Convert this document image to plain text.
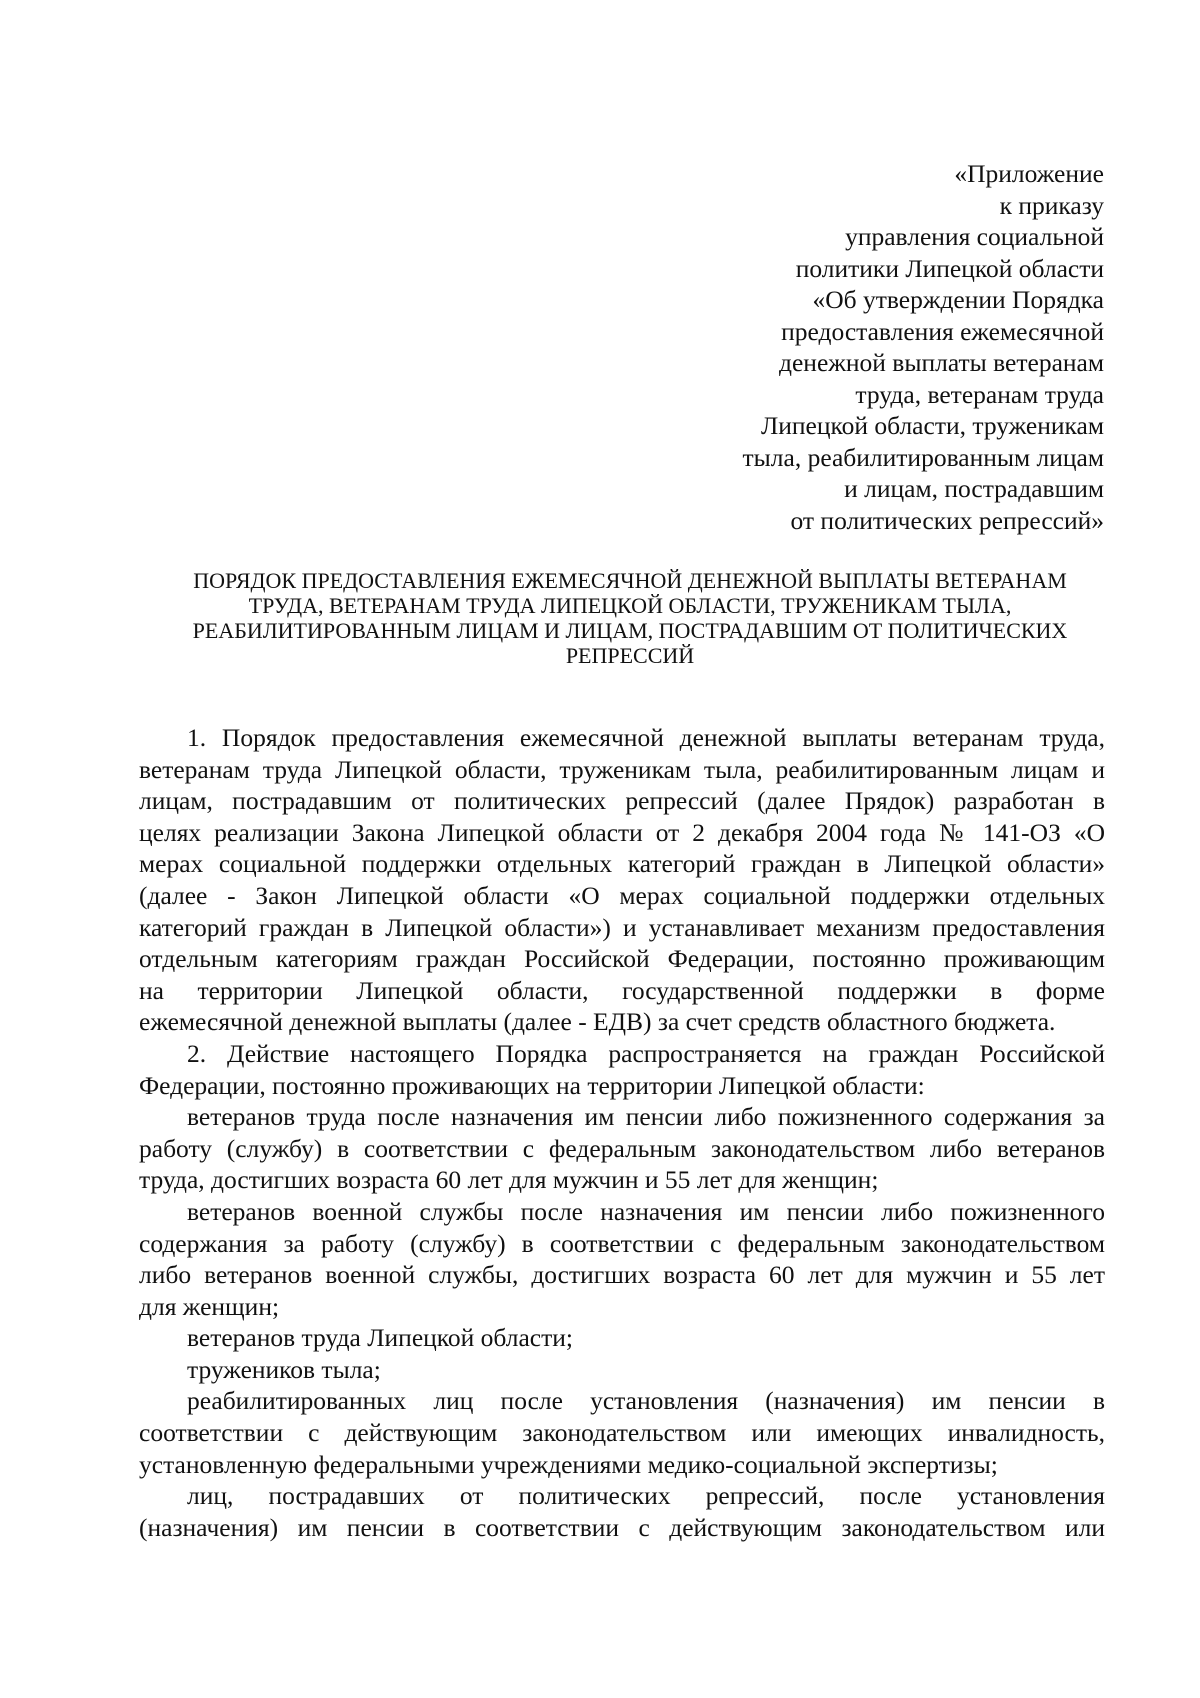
«Приложение
к приказу
управления социальной
политики Липецкой области
«Об утверждении Порядка
предоставления ежемесячной
денежной выплаты ветеранам
труда, ветеранам труда
Липецкой области, труженикам
тыла, реабилитированным лицам
и лицам, пострадавшим
от политических репрессий»
ПОРЯДОК ПРЕДОСТАВЛЕНИЯ ЕЖЕМЕСЯЧНОЙ ДЕНЕЖНОЙ ВЫПЛАТЫ ВЕТЕРАНАМ
ТРУДА, ВЕТЕРАНАМ ТРУДА ЛИПЕЦКОЙ ОБЛАСТИ, ТРУЖЕНИКАМ ТЫЛА,
РЕАБИЛИТИРОВАННЫМ ЛИЦАМ И ЛИЦАМ, ПОСТРАДАВШИМ ОТ ПОЛИТИЧЕСКИХ
РЕПРЕССИЙ
1. Порядок предоставления ежемесячной денежной выплаты ветеранам труда,
ветеранам труда Липецкой области, труженикам тыла, реабилитированным лицам и
лицам, пострадавшим от политических репрессий (далее Прядок) разработан в
целях реализации Закона Липецкой области от 2 декабря 2004 года № 141-ОЗ «О
мерах социальной поддержки отдельных категорий граждан в Липецкой области»
(далее - Закон Липецкой области «О мерах социальной поддержки отдельных
категорий граждан в Липецкой области») и устанавливает механизм предоставления
отдельным категориям граждан Российской Федерации, постоянно проживающим
на территории Липецкой области, государственной поддержки в форме
ежемесячной денежной выплаты (далее - ЕДВ) за счет средств областного бюджета.
2. Действие настоящего Порядка распространяется на граждан Российской
Федерации, постоянно проживающих на территории Липецкой области:
ветеранов труда после назначения им пенсии либо пожизненного содержания за
работу (службу) в соответствии с федеральным законодательством либо ветеранов
труда, достигших возраста 60 лет для мужчин и 55 лет для женщин;
ветеранов военной службы после назначения им пенсии либо пожизненного
содержания за работу (службу) в соответствии с федеральным законодательством
либо ветеранов военной службы, достигших возраста 60 лет для мужчин и 55 лет
для женщин;
ветеранов труда Липецкой области;
тружеников тыла;
реабилитированных лиц после установления (назначения) им пенсии в
соответствии с действующим законодательством или имеющих инвалидность,
установленную федеральными учреждениями медико-социальной экспертизы;
лиц, пострадавших от политических репрессий, после установления
(назначения) им пенсии в соответствии с действующим законодательством или
